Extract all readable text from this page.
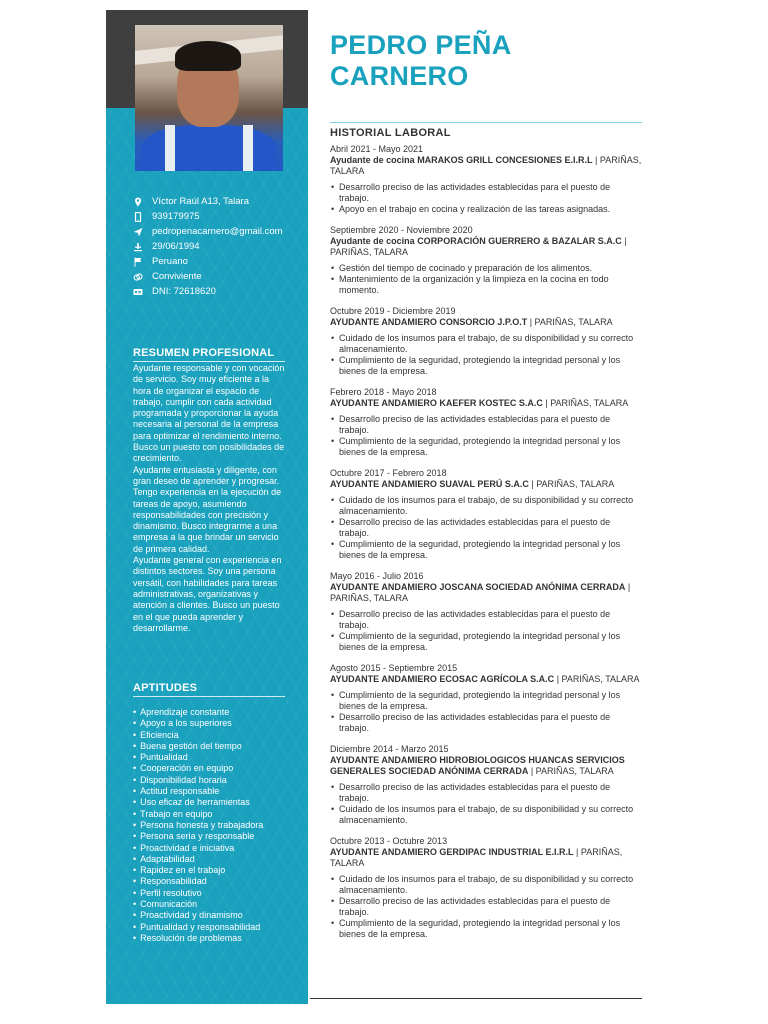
Víctor Raúl A13, Talara
939179975
pedropenacarnero@gmail.com
29/06/1994
Peruano
Conviviente
DNI: 72618620
RESUMEN PROFESIONAL

Ayudante responsable y con vocación de servicio. Soy muy eficiente a la hora de organizar el espacio de trabajo, cumplir con cada actividad programada y proporcionar la ayuda necesaria al personal de la empresa para optimizar el rendimiento interno. Busco un puesto con posibilidades de crecimiento.

Ayudante entusiasta y diligente, con gran deseo de aprender y progresar. Tengo experiencia en la ejecución de tareas de apoyo, asumiendo responsabilidades con precisión y dinamismo. Busco integrarme a una empresa a la que brindar un servicio de primera calidad.

Ayudante general con experiencia en distintos sectores. Soy una persona versátil, con habilidades para tareas administrativas, organizativas y atención a clientes. Busco un puesto en el que pueda aprender y desarrollarme.

APTITUDES
• Aprendizaje constante
• Apoyo a los superiores
• Eficiencia
• Buena gestión del tiempo
• Puntualidad
• Cooperación en equipo
• Disponibilidad horaria
• Actitud responsable
• Uso eficaz de herramientas
• Trabajo en equipo
• Persona honesta y trabajadora
• Persona seria y responsable
• Proactividad e iniciativa
• Adaptabilidad
• Rapidez en el trabajo
• Responsabilidad
• Perfil resolutivo
• Comunicación
• Proactividad y dinamismo
• Puntualidad y responsabilidad
• Resolución de problemas
PEDRO PEÑA
CARNERO
HISTORIAL LABORAL
Abril 2021 - Mayo 2021
Ayudante de cocina MARAKOS GRILL CONCESIONES E.I.R.L | PARIÑAS, TALARA
• Desarrollo preciso de las actividades establecidas para el puesto de trabajo.
• Apoyo en el trabajo en cocina y realización de las tareas asignadas.
Septiembre 2020 - Noviembre 2020
Ayudante de cocina CORPORACIÓN GUERRERO & BAZALAR S.A.C | PARIÑAS, TALARA
• Gestión del tiempo de cocinado y preparación de los alimentos.
• Mantenimiento de la organización y la limpieza en la cocina en todo momento.
Octubre 2019 - Diciembre 2019
AYUDANTE ANDAMIERO CONSORCIO J.P.O.T | PARIÑAS, TALARA
• Cuidado de los insumos para el trabajo, de su disponibilidad y su correcto almacenamiento.
• Cumplimiento de la seguridad, protegiendo la integridad personal y los bienes de la empresa.
Febrero 2018 - Mayo 2018
AYUDANTE ANDAMIERO KAEFER KOSTEC S.A.C | PARIÑAS, TALARA
• Desarrollo preciso de las actividades establecidas para el puesto de trabajo.
• Cumplimiento de la seguridad, protegiendo la integridad personal y los bienes de la empresa.
Octubre 2017 - Febrero 2018
AYUDANTE ANDAMIERO SUAVAL PERÚ S.A.C | PARIÑAS, TALARA
• Cuidado de los insumos para el trabajo, de su disponibilidad y su correcto almacenamiento.
• Desarrollo preciso de las actividades establecidas para el puesto de trabajo.
• Cumplimiento de la seguridad, protegiendo la integridad personal y los bienes de la empresa.
Mayo 2016 - Julio 2016
AYUDANTE ANDAMIERO JOSCANA SOCIEDAD ANÓNIMA CERRADA | PARIÑAS, TALARA
• Desarrollo preciso de las actividades establecidas para el puesto de trabajo.
• Cumplimiento de la seguridad, protegiendo la integridad personal y los bienes de la empresa.
Agosto 2015 - Septiembre 2015
AYUDANTE ANDAMIERO ECOSAC AGRÍCOLA S.A.C | PARIÑAS, TALARA
• Cumplimiento de la seguridad, protegiendo la integridad personal y los bienes de la empresa.
• Desarrollo preciso de las actividades establecidas para el puesto de trabajo.
Diciembre 2014 - Marzo 2015
AYUDANTE ANDAMIERO HIDROBIOLOGICOS HUANCAS SERVICIOS GENERALES SOCIEDAD ANÓNIMA CERRADA | PARIÑAS, TALARA
• Desarrollo preciso de las actividades establecidas para el puesto de trabajo.
• Cuidado de los insumos para el trabajo, de su disponibilidad y su correcto almacenamiento.
Octubre 2013 - Octubre 2013
AYUDANTE ANDAMIERO GERDIPAC INDUSTRIAL E.I.R.L | PARIÑAS, TALARA
• Cuidado de los insumos para el trabajo, de su disponibilidad y su correcto almacenamiento.
• Desarrollo preciso de las actividades establecidas para el puesto de trabajo.
• Cumplimiento de la seguridad, protegiendo la integridad personal y los bienes de la empresa.
